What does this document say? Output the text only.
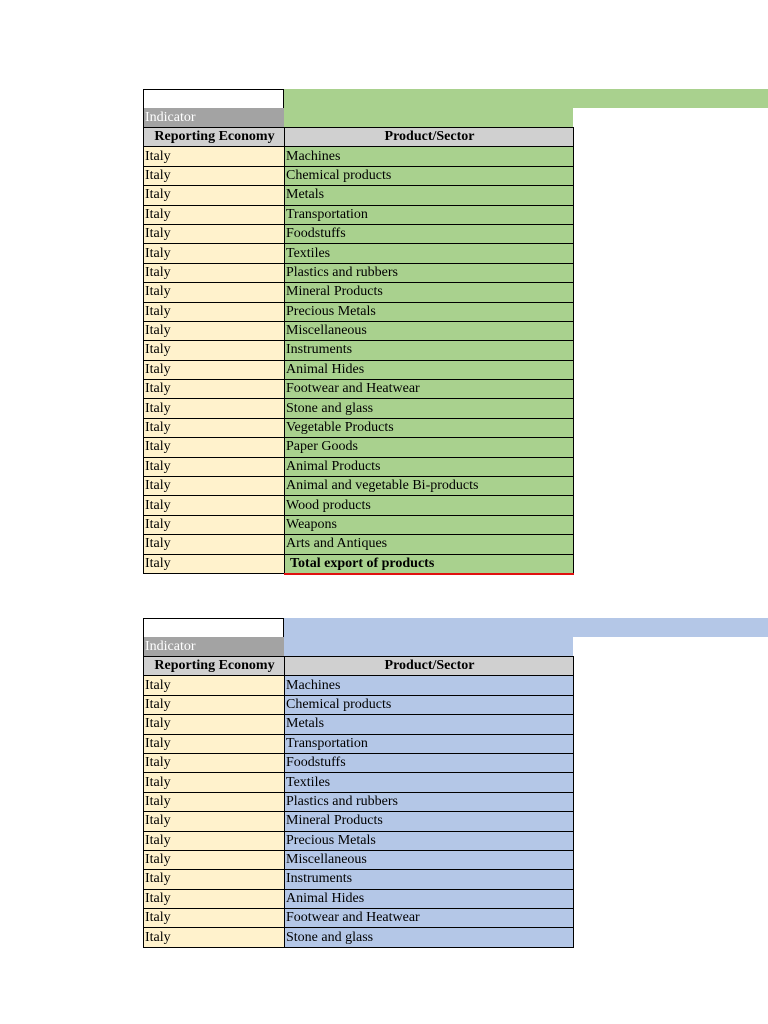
Indicator
Reporting Economy	Product/Sector
Italy	Machines
Italy	Chemical products
Italy	Metals
Italy	Transportation
Italy	Foodstuffs
Italy	Textiles
Italy	Plastics and rubbers
Italy	Mineral Products
Italy	Precious Metals
Italy	Miscellaneous
Italy	Instruments
Italy	Animal Hides
Italy	Footwear and Heatwear
Italy	Stone and glass
Italy	Vegetable Products
Italy	Paper Goods
Italy	Animal Products
Italy	Animal and vegetable Bi-products
Italy	Wood products
Italy	Weapons
Italy	Arts and Antiques
Italy	Total export of products
Indicator
Reporting Economy	Product/Sector
Italy	Machines
Italy	Chemical products
Italy	Metals
Italy	Transportation
Italy	Foodstuffs
Italy	Textiles
Italy	Plastics and rubbers
Italy	Mineral Products
Italy	Precious Metals
Italy	Miscellaneous
Italy	Instruments
Italy	Animal Hides
Italy	Footwear and Heatwear
Italy	Stone and glass
